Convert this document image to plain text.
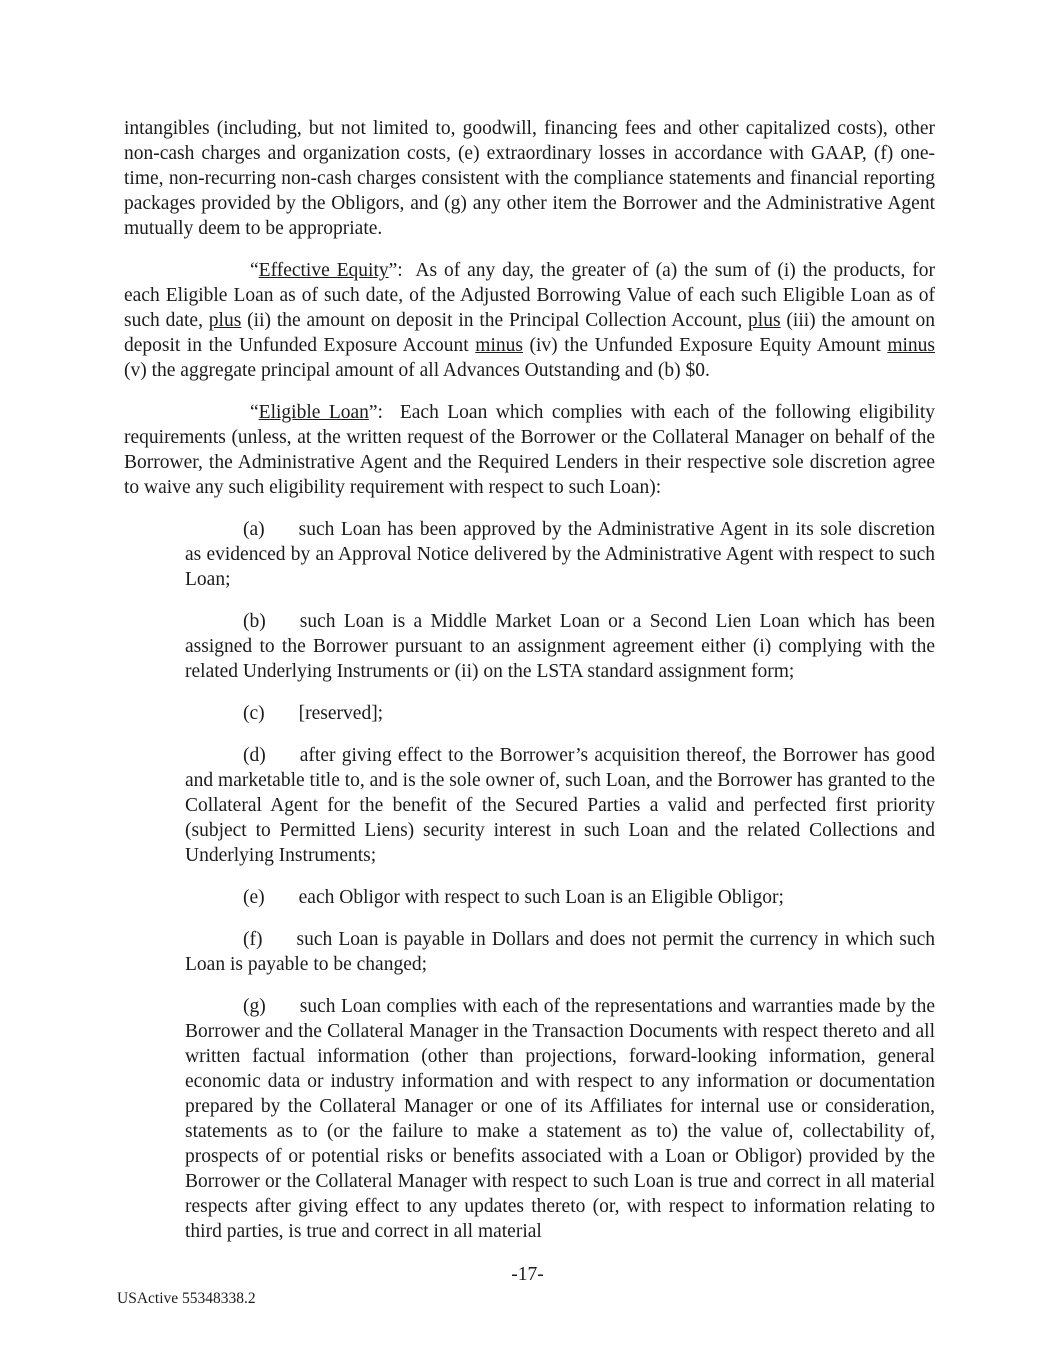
intangibles (including, but not limited to, goodwill, financing fees and other capitalized costs), other non-cash charges and organization costs, (e) extraordinary losses in accordance with GAAP, (f) one-time, non-recurring non-cash charges consistent with the compliance statements and financial reporting packages provided by the Obligors, and (g) any other item the Borrower and the Administrative Agent mutually deem to be appropriate.

“Effective Equity”:  As of any day, the greater of (a) the sum of (i) the products, for each Eligible Loan as of such date, of the Adjusted Borrowing Value of each such Eligible Loan as of such date, plus (ii) the amount on deposit in the Principal Collection Account, plus (iii) the amount on deposit in the Unfunded Exposure Account minus (iv) the Unfunded Exposure Equity Amount minus (v) the aggregate principal amount of all Advances Outstanding and (b) $0.

“Eligible Loan”:  Each Loan which complies with each of the following eligibility requirements (unless, at the written request of the Borrower or the Collateral Manager on behalf of the Borrower, the Administrative Agent and the Required Lenders in their respective sole discretion agree to waive any such eligibility requirement with respect to such Loan):

(a) such Loan has been approved by the Administrative Agent in its sole discretion as evidenced by an Approval Notice delivered by the Administrative Agent with respect to such Loan;

(b) such Loan is a Middle Market Loan or a Second Lien Loan which has been assigned to the Borrower pursuant to an assignment agreement either (i) complying with the related Underlying Instruments or (ii) on the LSTA standard assignment form;

(c) [reserved];

(d) after giving effect to the Borrower’s acquisition thereof, the Borrower has good and marketable title to, and is the sole owner of, such Loan, and the Borrower has granted to the Collateral Agent for the benefit of the Secured Parties a valid and perfected first priority (subject to Permitted Liens) security interest in such Loan and the related Collections and Underlying Instruments;

(e) each Obligor with respect to such Loan is an Eligible Obligor;

(f) such Loan is payable in Dollars and does not permit the currency in which such Loan is payable to be changed;

(g) such Loan complies with each of the representations and warranties made by the Borrower and the Collateral Manager in the Transaction Documents with respect thereto and all written factual information (other than projections, forward-looking information, general economic data or industry information and with respect to any information or documentation prepared by the Collateral Manager or one of its Affiliates for internal use or consideration, statements as to (or the failure to make a statement as to) the value of, collectability of, prospects of or potential risks or benefits associated with a Loan or Obligor) provided by the Borrower or the Collateral Manager with respect to such Loan is true and correct in all material respects after giving effect to any updates thereto (or, with respect to information relating to third parties, is true and correct in all material

-17-
USActive 55348338.2
